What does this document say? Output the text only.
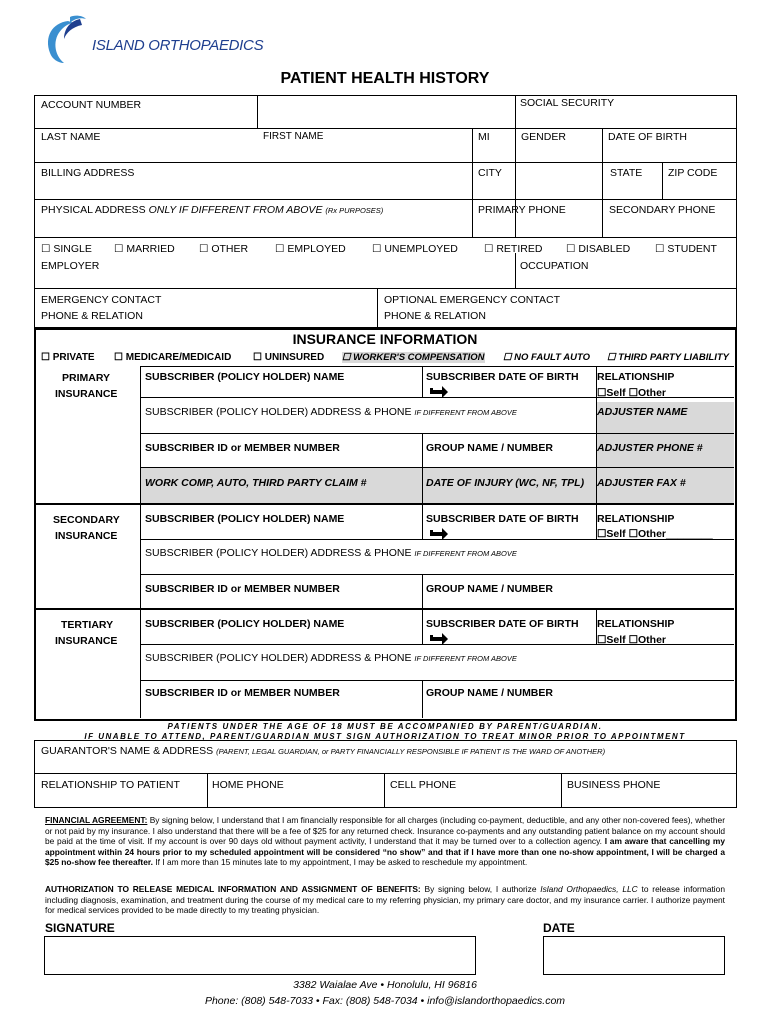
ISLAND ORTHOPAEDICS
PATIENT HEALTH HISTORY
ACCOUNT NUMBER	SOCIAL SECURITY
LAST NAME	FIRST NAME	MI	GENDER	DATE OF BIRTH
BILLING ADDRESS	CITY	STATE ZIP CODE
PHYSICAL ADDRESS ONLY IF DIFFERENT FROM ABOVE (Rx PURPOSES)	PRIMARY PHONE	SECONDARY PHONE
☐ SINGLE ☐ MARRIED ☐ OTHER	☐ EMPLOYED	☐ UNEMPLOYED ☐ RETIRED ☐ DISABLED ☐ STUDENT
EMPLOYER	OCCUPATION
EMERGENCY CONTACT
PHONE & RELATION
OPTIONAL EMERGENCY CONTACT
PHONE & RELATION
INSURANCE INFORMATION
☐ PRIVATE ☐ MEDICARE/MEDICAID ☐ UNINSURED ☐ WORKER'S COMPENSATION ☐ NO FAULT AUTO ☐ THIRD PARTY LIABILITY
PRIMARY
INSURANCE
SUBSCRIBER (POLICY HOLDER) NAME	SUBSCRIBER DATE OF BIRTH RELATIONSHIP
☐Self ☐Other________
SUBSCRIBER (POLICY HOLDER) ADDRESS & PHONE IF DIFFERENT FROM ABOVE	ADJUSTER NAME
SUBSCRIBER ID or MEMBER NUMBER	GROUP NAME / NUMBER	ADJUSTER PHONE #
WORK COMP, AUTO, THIRD PARTY CLAIM #	DATE OF INJURY (WC, NF, TPL) ADJUSTER FAX #
SECONDARY
INSURANCE
SUBSCRIBER (POLICY HOLDER) NAME	SUBSCRIBER DATE OF BIRTH RELATIONSHIP
☐Self ☐Other________
SUBSCRIBER (POLICY HOLDER) ADDRESS & PHONE IF DIFFERENT FROM ABOVE
SUBSCRIBER ID or MEMBER NUMBER	GROUP NAME / NUMBER
TERTIARY
INSURANCE
SUBSCRIBER (POLICY HOLDER) NAME	SUBSCRIBER DATE OF BIRTH RELATIONSHIP
☐Self ☐Other________
SUBSCRIBER (POLICY HOLDER) ADDRESS & PHONE IF DIFFERENT FROM ABOVE
SUBSCRIBER ID or MEMBER NUMBER	GROUP NAME / NUMBER
PATIENTS UNDER THE AGE OF 18 MUST BE ACCOMPANIED BY PARENT/GUARDIAN.
IF UNABLE TO ATTEND, PARENT/GUARDIAN MUST SIGN AUTHORIZATION TO TREAT MINOR PRIOR TO APPOINTMENT
GUARANTOR'S NAME & ADDRESS (PARENT, LEGAL GUARDIAN, or PARTY FINANCIALLY RESPONSIBLE IF PATIENT IS THE WARD OF ANOTHER)
RELATIONSHIP TO PATIENT	HOME PHONE	CELL PHONE	BUSINESS PHONE
FINANCIAL AGREEMENT: By signing below, I understand that I am financially responsible for all charges (including co-payment, deductible, and any other non-covered fees), whether or not paid by my insurance. I also understand that there will be a fee of $25 for any returned check. Insurance co-payments and any outstanding patient balance on my account should be paid at the time of visit. If my account is over 90 days old without payment activity, I understand that it may be turned over to a collection agency. I am aware that cancelling my appointment within 24 hours prior to my scheduled appointment will be considered “no show” and that if I have more than one no-show appointment, I will be charged a $25 no-show fee thereafter. If I am more than 15 minutes late to my appointment, I may be asked to reschedule my appointment.
AUTHORIZATION TO RELEASE MEDICAL INFORMATION AND ASSIGNMENT OF BENEFITS: By signing below, I authorize Island Orthopaedics, LLC to release information including diagnosis, examination, and treatment during the course of my medical care to my referring physician, my primary care doctor, and my insurance carrier. I authorize payment for medical services provided to be made directly to my treating physician.
SIGNATURE	DATE
3382 Waialae Ave • Honolulu, HI 96816
Phone: (808) 548-7033 • Fax: (808) 548-7034 • info@islandorthopaedics.com
